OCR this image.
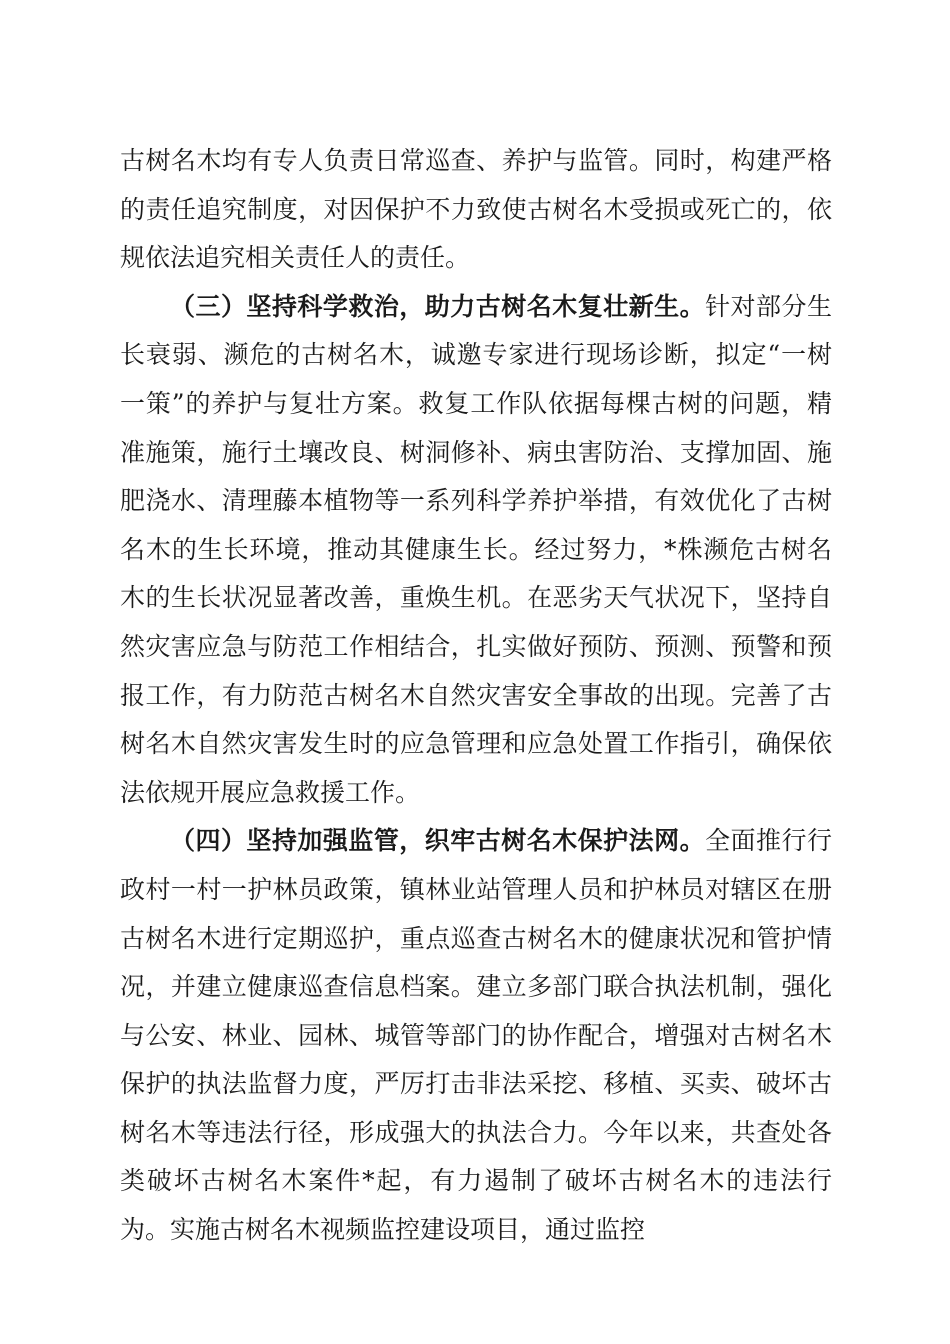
古树名木均有专人负责日常巡查、养护与监管。同时，构建严格的责任追究制度，对因保护不力致使古树名木受损或死亡的，依规依法追究相关责任人的责任。

（三）坚持科学救治，助力古树名木复壮新生。针对部分生长衰弱、濒危的古树名木，诚邀专家进行现场诊断，拟定“一树一策”的养护与复壮方案。救复工作队依据每棵古树的问题，精准施策，施行土壤改良、树洞修补、病虫害防治、支撑加固、施肥浇水、清理藤本植物等一系列科学养护举措，有效优化了古树名木的生长环境，推动其健康生长。经过努力，*株濒危古树名木的生长状况显著改善，重焕生机。在恶劣天气状况下，坚持自然灾害应急与防范工作相结合，扎实做好预防、预测、预警和预报工作，有力防范古树名木自然灾害安全事故的出现。完善了古树名木自然灾害发生时的应急管理和应急处置工作指引，确保依法依规开展应急救援工作。

（四）坚持加强监管，织牢古树名木保护法网。全面推行行政村一村一护林员政策，镇林业站管理人员和护林员对辖区在册古树名木进行定期巡护，重点巡查古树名木的健康状况和管护情况，并建立健康巡查信息档案。建立多部门联合执法机制，强化与公安、林业、园林、城管等部门的协作配合，增强对古树名木保护的执法监督力度，严厉打击非法采挖、移植、买卖、破坏古树名木等违法行径，形成强大的执法合力。今年以来，共查处各类破坏古树名木案件*起，有力遏制了破坏古树名木的违法行为。实施古树名木视频监控建设项目，通过监控
